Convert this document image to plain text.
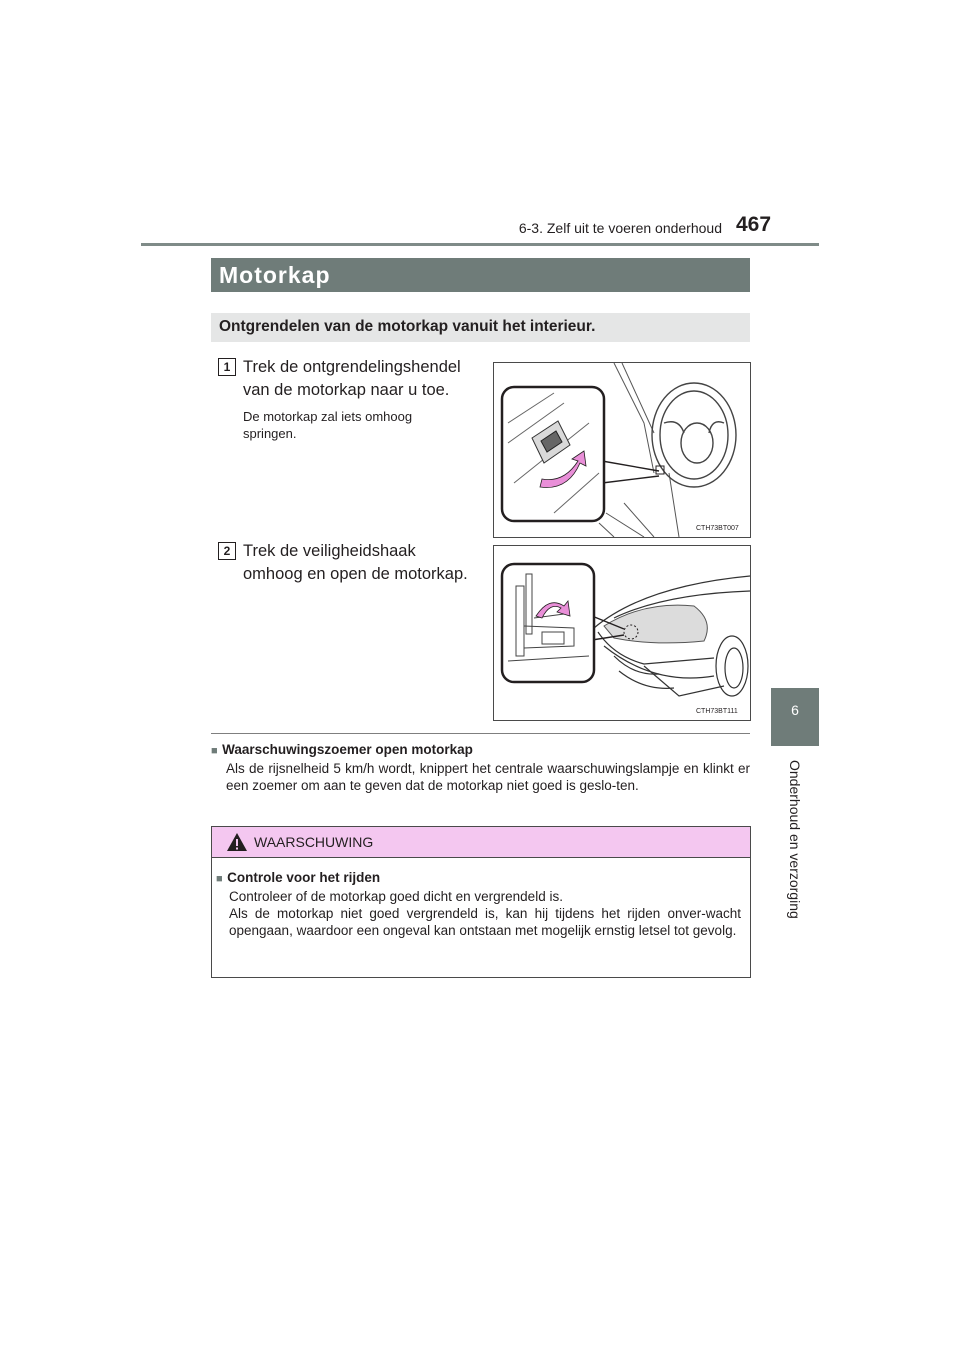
6-3. Zelf uit te voeren onderhoud 467
6
Onderhoud en verzorging
Motorkap
Ontgrendelen van de motorkap vanuit het interieur.
1 Trek de ontgrendelingshendel
van de motorkap naar u toe.
De motorkap zal iets omhoog
springen.
CTH73BT007
2 Trek de veiligheidshaak
omhoog en open de motorkap.
CTH73BT111
■ Waarschuwingszoemer open motorkap
Als de rijsnelheid 5 km/h wordt, knippert het centrale waarschuwingslampje en klinkt er een zoemer om aan te geven dat de motorkap niet goed is geslo-ten.
WAARSCHUWING
■ Controle voor het rijden
Controleer of de motorkap goed dicht en vergrendeld is.
Als de motorkap niet goed vergrendeld is, kan hij tijdens het rijden onver-wacht opengaan, waardoor een ongeval kan ontstaan met mogelijk ernstig letsel tot gevolg.
